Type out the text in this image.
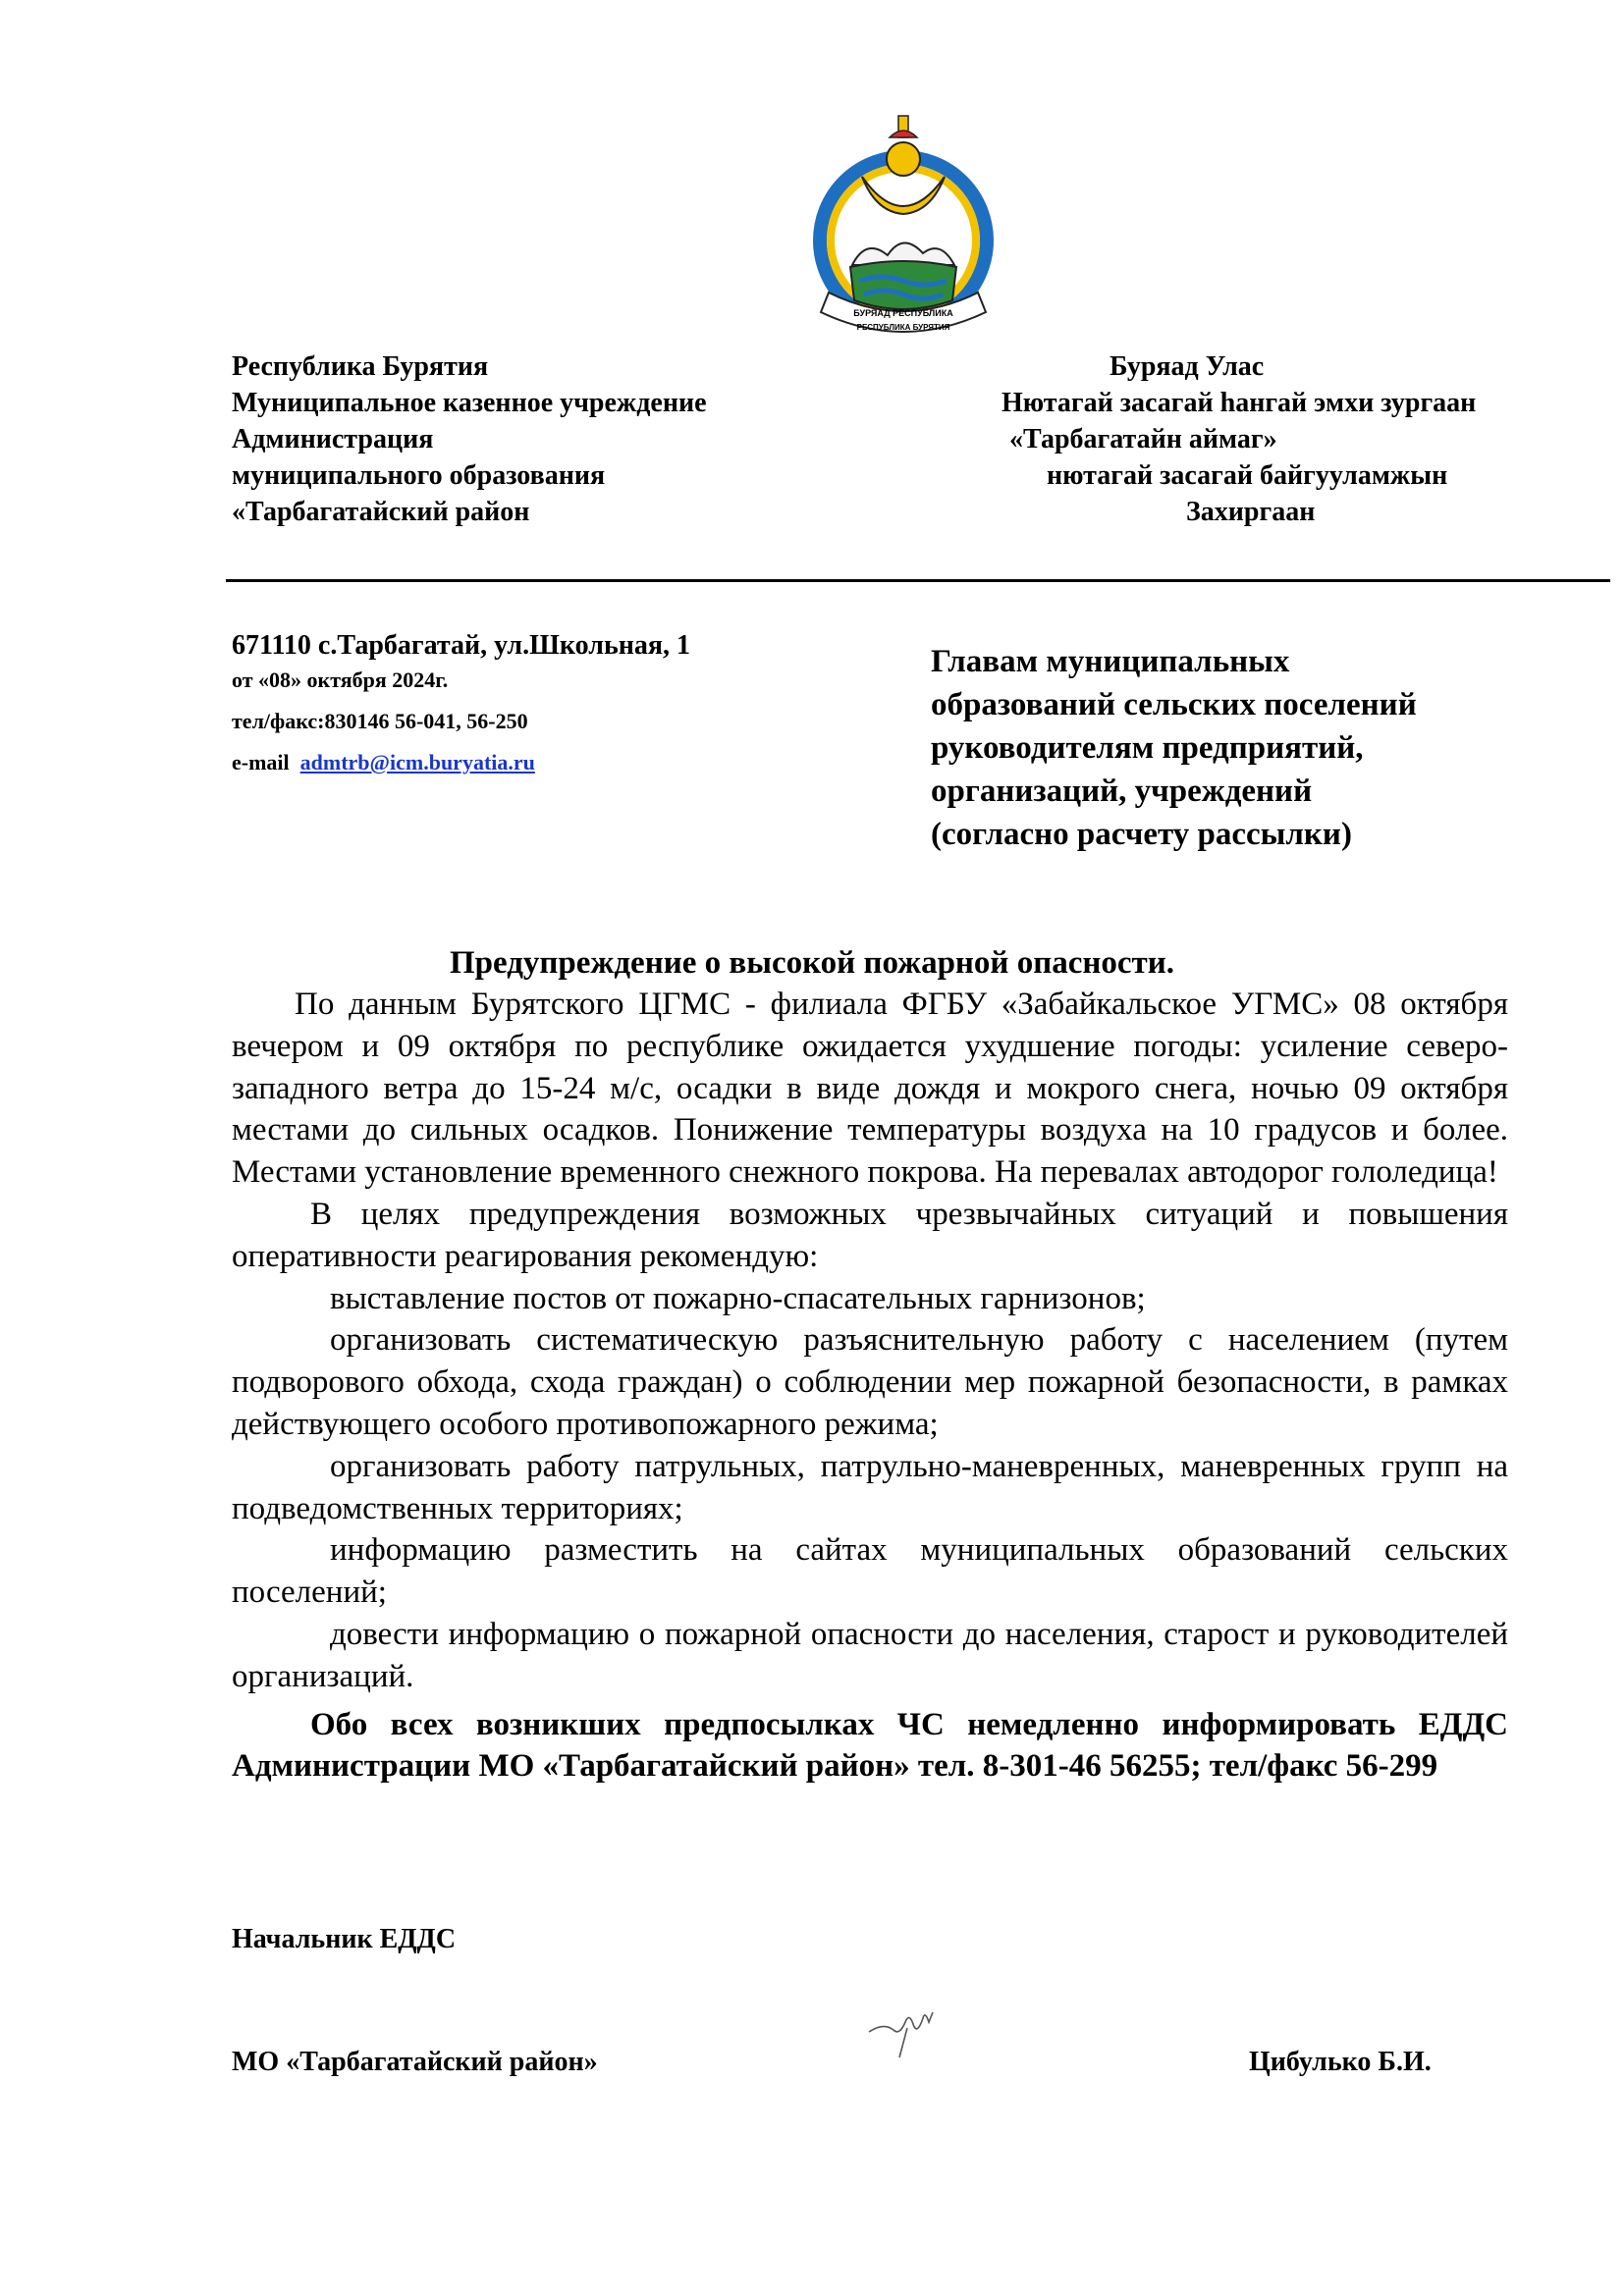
БУРЯАД РЕСПУБЛИКА
РЕСПУБЛИКА БУРЯТИЯ
Республика Бурятия
Муниципальное казенное учреждение
Администрация
муниципального образования
«Тарбагатайский район
Буряад Улас
Нютагай засагай hангай эмхи зургаан
«Тарбагатайн аймаг»
нютагай засагай байгууламжын
Захиргаан
671110 с.Тарбагатай, ул.Школьная, 1
от «08» октября 2024г.
тел/факс:830146 56-041, 56-250
e-mail admtrb@icm.buryatia.ru
Главам муниципальных
образований сельских поселений
руководителям предприятий,
организаций, учреждений
(согласно расчету рассылки)
Предупреждение о высокой пожарной опасности.

По данным Бурятского ЦГМС - филиала ФГБУ «Забайкальское УГМС» 08 октября вечером и 09 октября по республике ожидается ухудшение погоды: усиление северо- западного ветра до 15-24 м/с, осадки в виде дождя и мокрого снега, ночью 09 октября местами до сильных осадков. Понижение температуры воздуха на 10 градусов и более. Местами установление временного снежного покрова. На перевалах автодорог гололедица!

В целях предупреждения возможных чрезвычайных ситуаций и повышения оперативности реагирования рекомендую:

выставление постов от пожарно-спасательных гарнизонов;

организовать систематическую разъяснительную работу с населением (путем подворового обхода, схода граждан) о соблюдении мер пожарной безопасности, в рамках действующего особого противопожарного режима;

организовать работу патрульных, патрульно-маневренных, маневренных групп на подведомственных территориях;

информацию разместить на сайтах муниципальных образований сельских поселений;

довести информацию о пожарной опасности до населения, старост и руководителей организаций.

Обо всех возникших предпосылках ЧС немедленно информировать ЕДДС Администрации МО «Тарбагатайский район» тел. 8-301-46 56255; тел/факс 56-299

Начальник ЕДДС
МО «Тарбагатайский район»	Цибулько Б.И.
